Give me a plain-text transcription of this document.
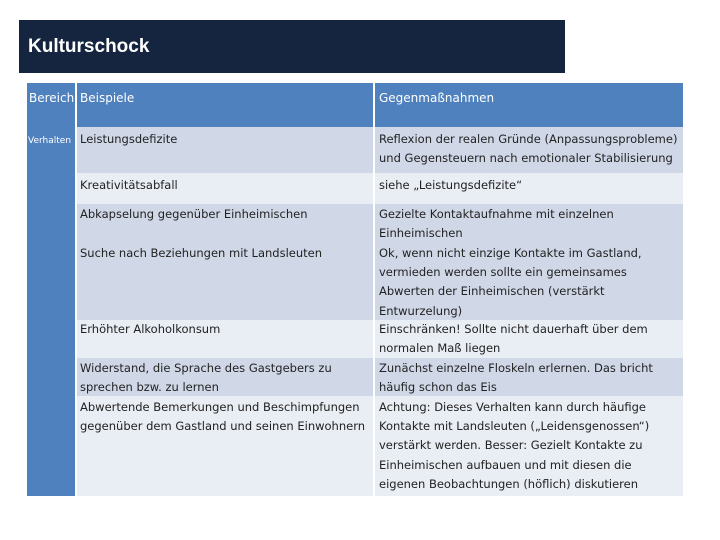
Kulturschock
Bereich Beispiele	Gegenmaßnahmen
Verhalten Leistungsdefizite
Kreativitätsabfall
Abkapselung gegenüber Einheimischen
Suche nach Beziehungen mit Landsleuten
Erhöhter Alkoholkonsum
Widerstand, die Sprache des Gastgebers zu sprechen bzw. zu lernen
Abwertende Bemerkungen und Beschimpfungen gegenüber dem Gastland und seinen Einwohnern
Reflexion der realen Gründe (Anpassungsprobleme) und Gegensteuern nach emotionaler Stabilisierung
siehe „Leistungsdefizite“
Gezielte Kontaktaufnahme mit einzelnen Einheimischen
Ok, wenn nicht einzige Kontakte im Gastland, vermieden werden sollte ein gemeinsames Abwerten der Einheimischen (verstärkt Entwurzelung)
Einschränken! Sollte nicht dauerhaft über dem normalen Maß liegen
Zunächst einzelne Floskeln erlernen. Das bricht häufig schon das Eis
Achtung: Dieses Verhalten kann durch häufige Kontakte mit Landsleuten („Leidensgenossen“) verstärkt werden. Besser: Gezielt Kontakte zu Einheimischen aufbauen und mit diesen die eigenen Beobachtungen (höflich) diskutieren
